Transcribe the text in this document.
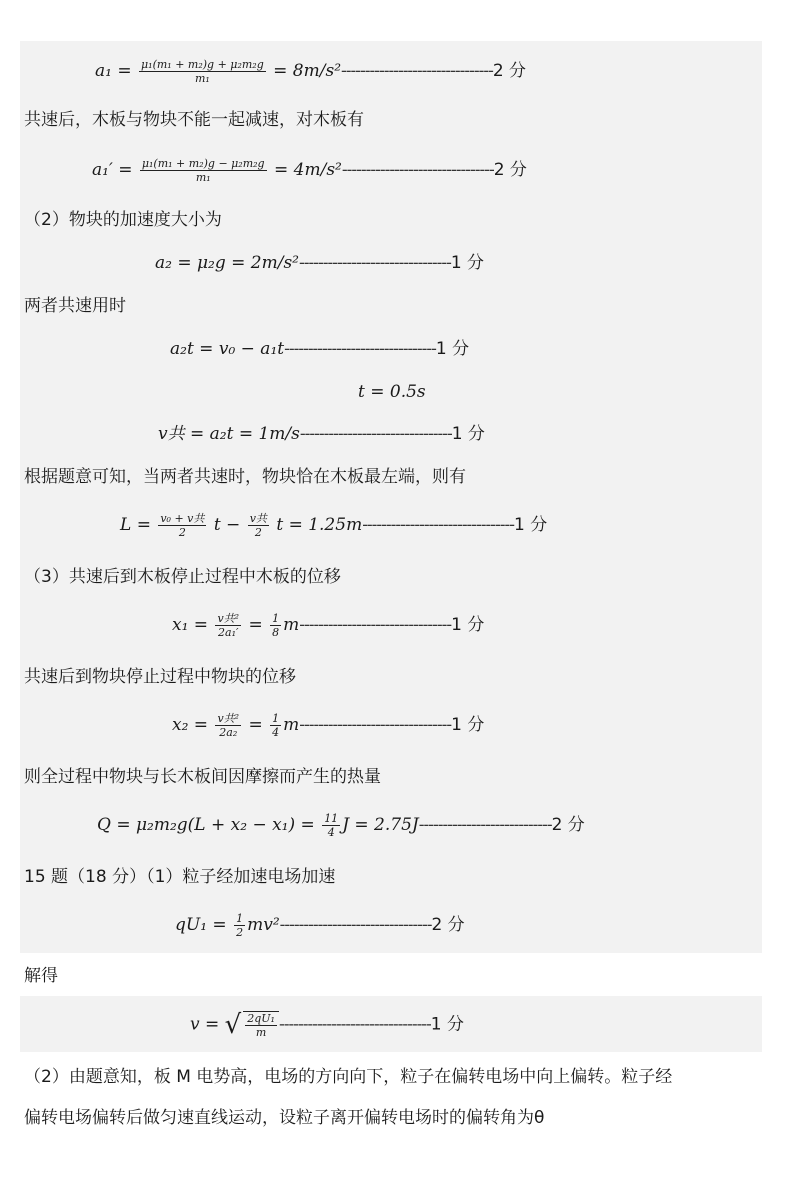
$a_1 = \frac{\text{μ₁(m₁ + m₂)g + μ₂m₂g}}{\text{m₁}} = 8m/s^2--------------------------------2$ 分
共速后，木板与物块不能一起减速，对木板有
$a_1' = \frac{\text{μ₁(m₁ + m₂)g − μ₂m₂g}}{\text{m₁}} = 4m/s^2--------------------------------2$ 分
（2）物块的加速度大小为
a₂ = μ₂g = 2m/s²--------------------------------1 分
两者共速用时
a₂t = v₀ − a₁t--------------------------------1 分
t = 0.5s
v共 = a₂t = 1m/s--------------------------------1 分
根据题意可知，当两者共速时，物块恰在木板最左端，则有
$L = \frac{\text{v₀ + v共}}{2}$ $t - \frac{\text{v共}}{2}$ t = 1.25m--------------------------------1 分
（3）共速后到木板停止过程中木板的位移
$x_1 = \frac{\text{v共²}}{\text{2a₁′}} = \frac{1}{8} m--------------------------------1$ 分
共速后到物块停止过程中物块的位移
$x_2 = \frac{\text{v共²}}{\text{2a₂}} = \frac{1}{4} m--------------------------------1$ 分
则全过程中物块与长木板间因摩擦而产生的热量
$Q = \mu_2m_2g(L + x_2 - x_1) = \frac{11}{4}$ J = 2.75J----------------------------2 分
15 题（18 分）（1）粒子经加速电场加速
$qU_1 = \frac{1}{2} mv^2--------------------------------2$ 分
解得
v = √ $\frac{\text{2qU₁}}{m} --------------------------------1$ 分
（2）由题意知，板 M 电势高，电场的方向向下，粒子在偏转电场中向上偏转。粒子经
偏转电场偏转后做匀速直线运动，设粒子离开偏转电场时的偏转角为θ
